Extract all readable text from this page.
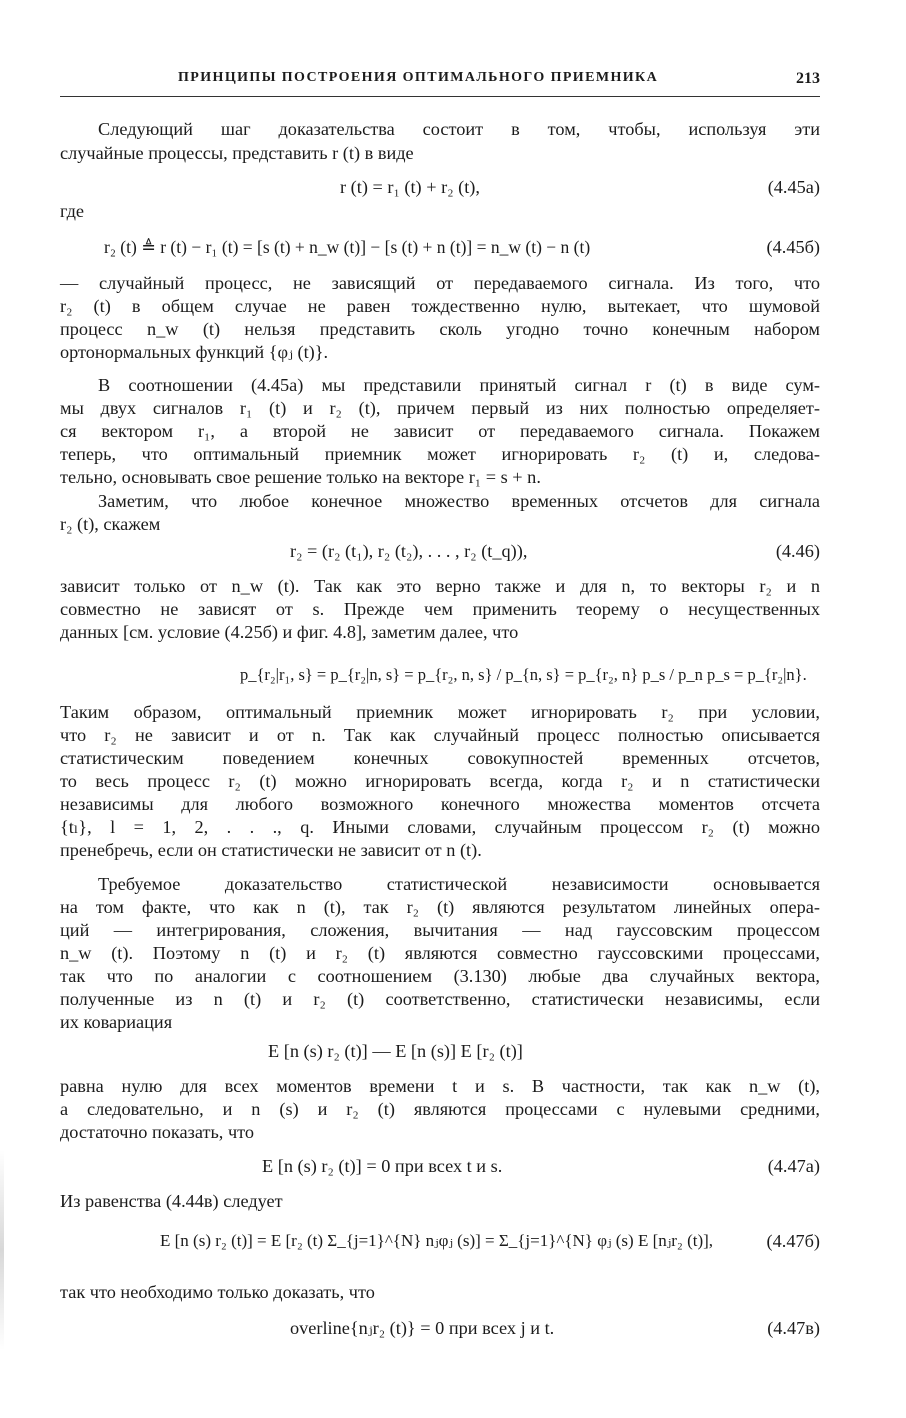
ПРИНЦИПЫ ПОСТРОЕНИЯ ОПТИМАЛЬНОГО ПРИЕМНИКА	213
Следующий шаг доказательства состоит в том, чтобы, используя эти
случайные процессы, представить r (t) в виде
r (t) = r₁ (t) + r₂ (t),	(4.45а)
где
r₂ (t) ≜ r (t) − r₁ (t) = [s (t) + n_w (t)] − [s (t) + n (t)] = n_w (t) − n (t)	(4.45б)
— случайный процесс, не зависящий от передаваемого сигнала. Из того, что
r₂ (t) в общем случае не равен тождественно нулю, вытекает, что шумовой
процесс n_w (t) нельзя представить сколь угодно точно конечным набором
ортонормальных функций {φⱼ (t)}.
В соотношении (4.45а) мы представили принятый сигнал r (t) в виде сум-
мы двух сигналов r₁ (t) и r₂ (t), причем первый из них полностью определяет-
ся вектором r₁, а второй не зависит от передаваемого сигнала. Покажем
теперь, что оптимальный приемник может игнорировать r₂ (t) и, следова-
тельно, основывать свое решение только на векторе r₁ = s + n.
Заметим, что любое конечное множество временных отсчетов для сигнала
r₂ (t), скажем
r₂ = (r₂ (t₁), r₂ (t₂), . . . , r₂ (t_q)),	(4.46)
зависит только от n_w (t). Так как это верно также и для n, то векторы r₂ и n
совместно не зависят от s. Прежде чем применить теорему о несущественных
данных [см. условие (4.25б) и фиг. 4.8], заметим далее, что
p_{r₂|r₁, s} = p_{r₂|n, s} = p_{r₂, n, s} / p_{n, s} = p_{r₂, n} p_s / p_n p_s = p_{r₂|n}.
Таким образом, оптимальный приемник может игнорировать r₂ при условии,
что r₂ не зависит и от n. Так как случайный процесс полностью описывается
статистическим поведением конечных совокупностей временных отсчетов,
то весь процесс r₂ (t) можно игнорировать всегда, когда r₂ и n статистически
независимы для любого возможного конечного множества моментов отсчета
{tₗ}, l = 1, 2, . . ., q. Иными словами, случайным процессом r₂ (t) можно
пренебречь, если он статистически не зависит от n (t).
Требуемое доказательство статистической независимости основывается
на том факте, что как n (t), так r₂ (t) являются результатом линейных опера-
ций — интегрирования, сложения, вычитания — над гауссовским процессом
n_w (t). Поэтому n (t) и r₂ (t) являются совместно гауссовскими процессами,
так что по аналогии с соотношением (3.130) любые два случайных вектора,
полученные из n (t) и r₂ (t) соответственно, статистически независимы, если
их ковариация
E [n (s) r₂ (t)] — E [n (s)] E [r₂ (t)]
равна нулю для всех моментов времени t и s. В частности, так как n_w (t),
а следовательно, и n (s) и r₂ (t) являются процессами с нулевыми средними,
достаточно показать, что
E [n (s) r₂ (t)] = 0 при всех t и s.	(4.47а)
Из равенства (4.44в) следует
E [n (s) r₂ (t)] = E [r₂ (t) Σ_{j=1}^{N} nⱼφⱼ (s)] = Σ_{j=1}^{N} φⱼ (s) E [nⱼr₂ (t)],	(4.47б)
так что необходимо только доказать, что
overline{nⱼr₂ (t)} = 0 при всех j и t.	(4.47в)
